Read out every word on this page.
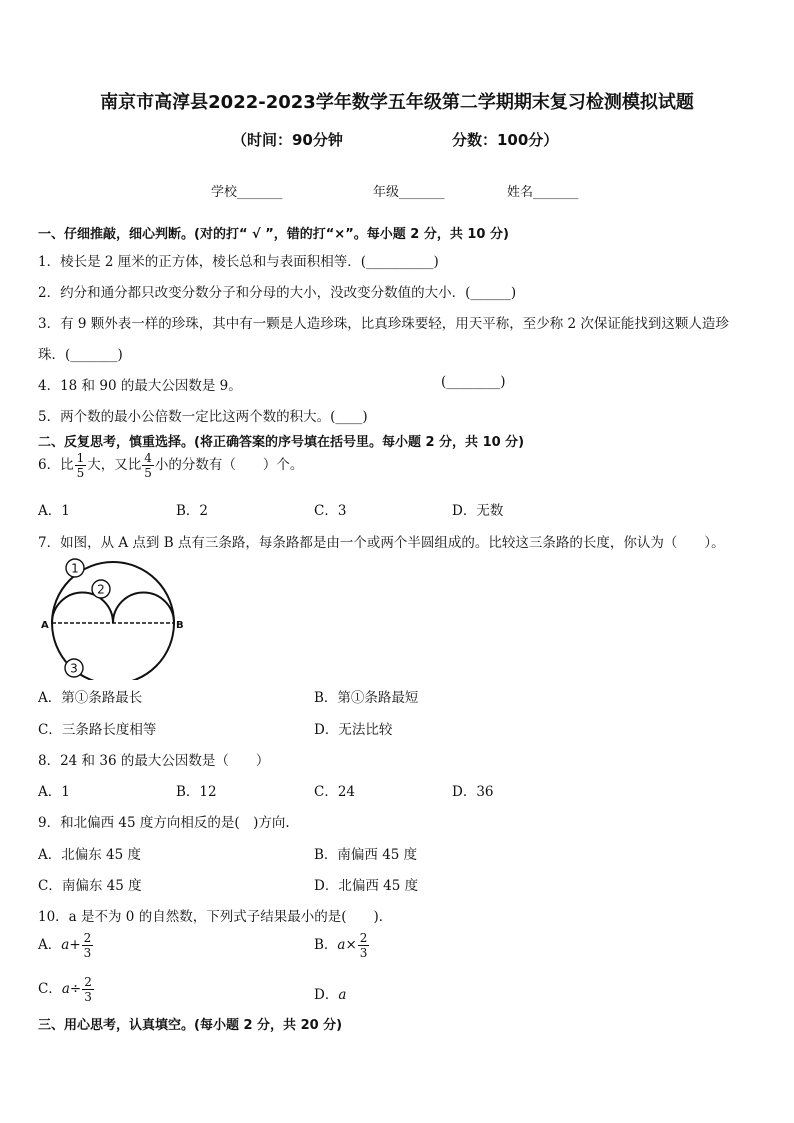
南京市高淳县2022-2023学年数学五年级第二学期期末复习检测模拟试题
（时间：90分钟	分数：100分）
学校_______	年级_______	姓名_______
一、仔细推敲，细心判断。(对的打“ √ ”，错的打“×”。每小题 2 分，共 10 分)
1．棱长是 2 厘米的正方体，棱长总和与表面积相等．(__________)
2．约分和通分都只改变分数分子和分母的大小，没改变分数值的大小．(______)
3．有 9 颗外表一样的珍珠，其中有一颗是人造珍珠，比真珍珠要轻，用天平称，至少称 2 次保证能找到这颗人造珍
珠．(_______)
4．18 和 90 的最大公因数是 9。	(________)
5．两个数的最小公倍数一定比这两个数的积大。(____)
二、反复思考，慎重选择。(将正确答案的序号填在括号里。每小题 2 分，共 10 分)
6．比 $\frac{1}{5}$ 大，又比 $\frac{4}{5}$ 小的分数有（　　）个。
A．1	B．2	C．3	D．无数
7．如图，从 A 点到 B 点有三条路，每条路都是由一个或两个半圆组成的。比较这三条路的长度，你认为（　　）。
1
2
3
A	B
A．第①条路最长	B．第①条路最短
C．三条路长度相等	D．无法比较
8．24 和 36 的最大公因数是（　　）
A．1	B．12	C．24	D．36
9．和北偏西 45 度方向相反的是(　)方向.
A．北偏东 45 度	B．南偏西 45 度
C．南偏东 45 度	D．北偏西 45 度
10．a 是不为 0 的自然数，下列式子结果最小的是(　　)．
A．$a+ \frac{2}{3}$	B．$a\times \frac{2}{3}$
C．$a\div \frac{2}{3}$	D．a
三、用心思考，认真填空。(每小题 2 分，共 20 分)
